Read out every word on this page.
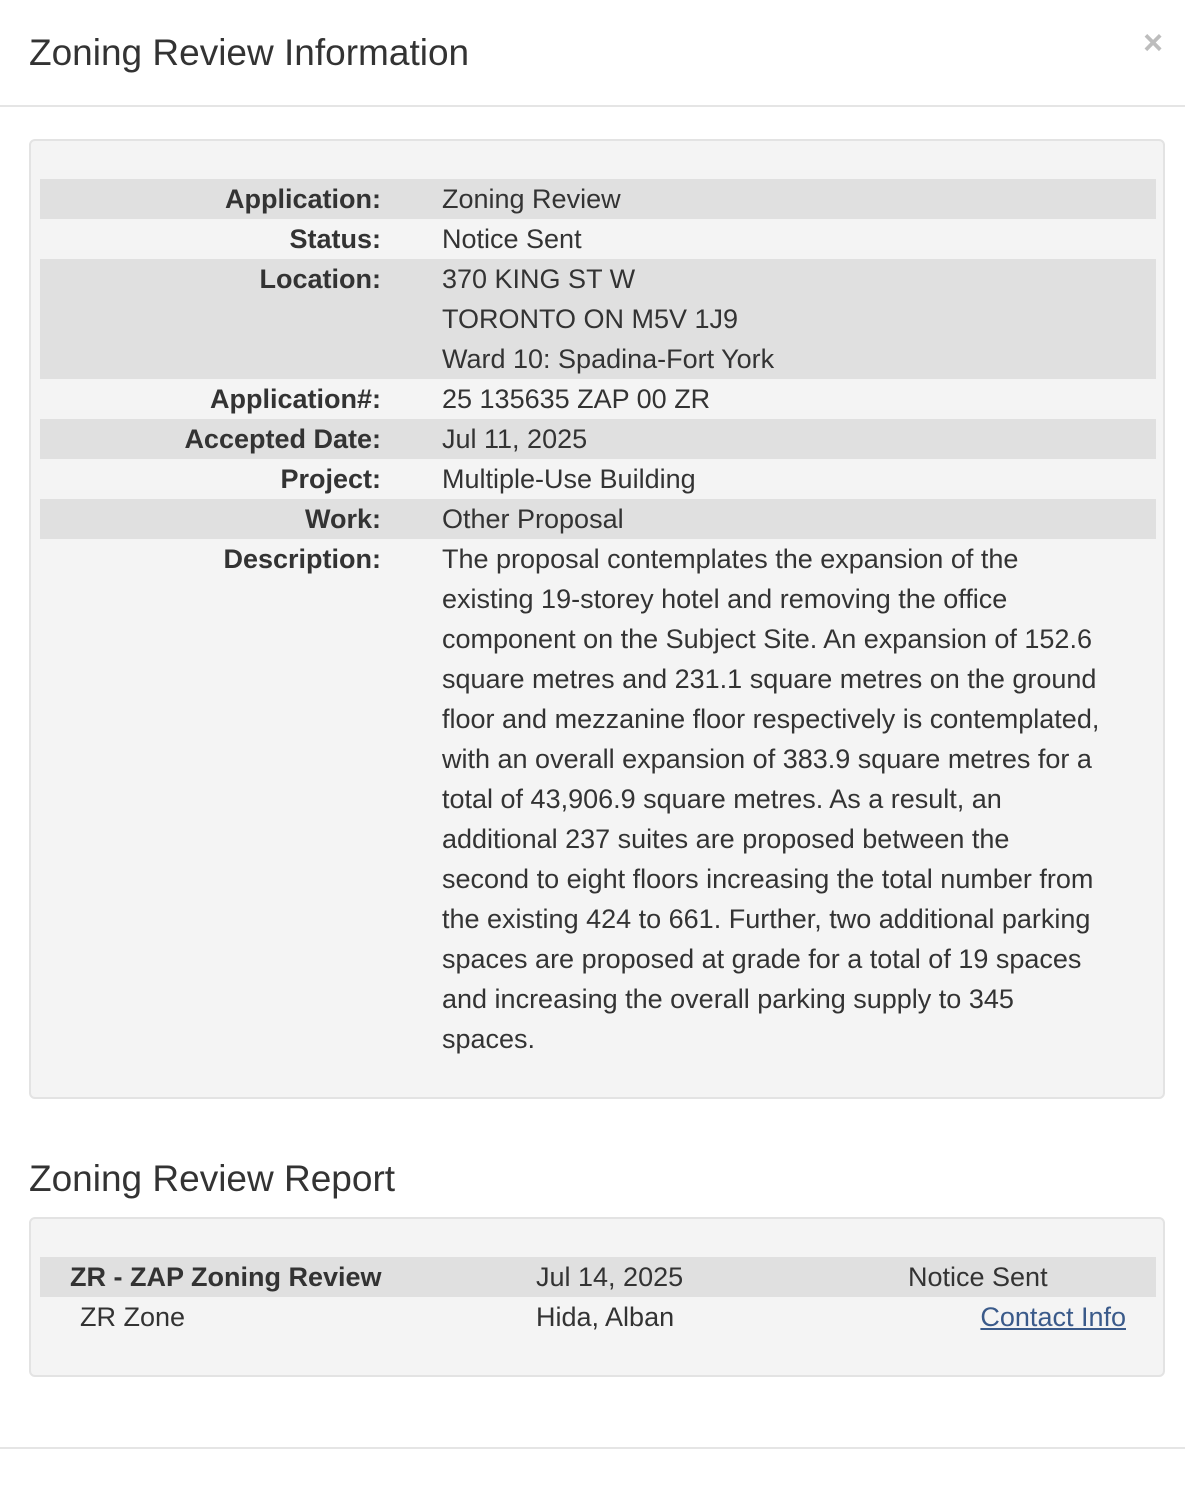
Zoning Review Information	×
Application: Zoning Review
Status: Notice Sent
Location: 370 KING ST W
TORONTO ON M5V 1J9
Ward 10: Spadina-Fort York
Application#: 25 135635 ZAP 00 ZR
Accepted Date: Jul 11, 2025
Project: Multiple-Use Building
Work: Other Proposal
Description: The proposal contemplates the expansion of the
existing 19-storey hotel and removing the office
component on the Subject Site. An expansion of 152.6
square metres and 231.1 square metres on the ground
floor and mezzanine floor respectively is contemplated,
with an overall expansion of 383.9 square metres for a
total of 43,906.9 square metres. As a result, an
additional 237 suites are proposed between the
second to eight floors increasing the total number from
the existing 424 to 661. Further, two additional parking
spaces are proposed at grade for a total of 19 spaces
and increasing the overall parking supply to 345
spaces.
Zoning Review Report
ZR - ZAP Zoning Review	Jul 14, 2025	Notice Sent
ZR Zone	Hida, Alban	Contact Info
